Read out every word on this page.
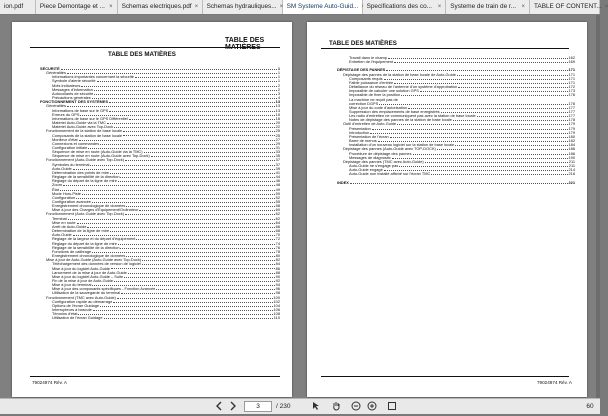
ion.pdf	Piece Demontage et ... × Schemas electriques.pdf × Schemas hydrauliques... × SM Systeme Auto-Guid... Specifications des co... × Systeme de train de r... × TABLE OF CONTENT... ×
TABLE DES
TABLE DES MATIÈRES
SÉCURITÉ	1
Généralités	1
Informations importantes concernant la sécurité	1
Symbole d'alerte sécurité	1
Mots indicateurs	2
Messages d'information	2
Autocollants de sécurité	3
Précautions générales	4
FONCTIONNEMENT DES SYSTÈMES	13
Généralités	13
Informations de base sur le GPS	13
Erreurs du GPS	15
Informations de base sur le GPS Différentiel	18
Matériel Auto-Guide via la TMC	20
Matériel Auto-Guide avec Top-Dock	22
Fonctionnement de la station de base locale	25
Composants de la station de base locale	25
Moniteur d'état	27
Connexions et commandes	29
Configuration initiale	31
Séquence de mise en route (Auto-Guide via la TMC)	33
Séquence de mise en route (Auto-Guide avec Top-Dock)	35
Fonctionnement (Auto-Guide avec Top-Dock)	37
Symboles du terminal	37
Auto-Guide	39
Détermination des points de mire	41
Réglage de la sensibilité de la direction	44
Réglage du départ de la ligne de mire	46
Zoom	48
État	49
Mode Hors-Piste	50
Configuration	52
Configuration avancée	55
Enregistrement chronologique de données	58
Mise à jour des Charges d'Équipement/Ordinateur	60
Fonctionnement (Auto-Guide avec Top-Dock)	62
Terminal	62
Mise en route	64
Arrêt de Auto-Guide	66
Détermination de la ligne de mire	68
Auto-Guide	70
Réglage de la largeur et du départ d'équipement	72
Réglage du départ de la ligne de mire	74
Réglage de la sensibilité de la direction	76
Fonctions de calibrage	78
Enregistrement chronologique de données	80
Mise à jour de Auto-Guide (Auto-Guide avec Top-Dock)	82
Téléchargement des données de version de logiciel	84
Mise à jour du logiciel Auto-Guide	86
Lancement de la mise à jour de Auto-Guide	88
Mise à jour du logiciel Auto-Guide – Suite	90
Fin de la mise à jour de Auto-Guide	92
Mise à jour du terminal	94
Mise à jour des composants spécifiques - Fonction Avancée	96
Utilisation de la sauvegarde du terminal	98
Fonctionnement (TMC avec Auto-Guide)	100
Configuration rapide au démarrage	102
Options de l'écran Guidage	104
Interrupteurs à bascule	106
Témoins d'état	108
Utilisation de l'écran Guidage	110
79024974 Rév. A
TABLE DES MATIÈRES
Travail dans le champ	162
Entretien de l'équipement	169
DÉPISTAGE DES PANNES	171
Dépistage des pannes de la station de base locale de Auto-Guide	171
Composants requis	171
Faible puissance d'entrée	171
Défaillance du réseau de l'antenne d'un système d'approbation	172
Impossible de calculer une solution GPS	173
Impossible de fixer la position	176
La machine ne reçoit pas de
correction DGPS	176
Mise à jour du code d'autorisation	177
Suppression des emplacements de base enregistrés	177
Les radio d'entretien ne communiquent pas avec la station de base locale	177
Notes de dépistage des pannes de la station de base locale	178
Outil d'entretien de Auto-Guide	179
Présentation	179
Introduction	179
Présentation de l'écran	180
Barre de menus	182
Installation d'un nouveau logiciel sur la station de base locale	184
Dépistage des pannes (Auto-Guide avec TOP-DOCK)	186
Procédure de dépistage des pannes	186
Messages de diagnostic	190
Dépistage des pannes (TMC avec Auto-Guide)	211
Auto-Guide ne s'engage pas	211
Auto-Guide engagé	214
Auto-Guide non installé affiché sur l'écran TMC	216
INDEX	221
79024974 Rév. A
3	/ 230	60
